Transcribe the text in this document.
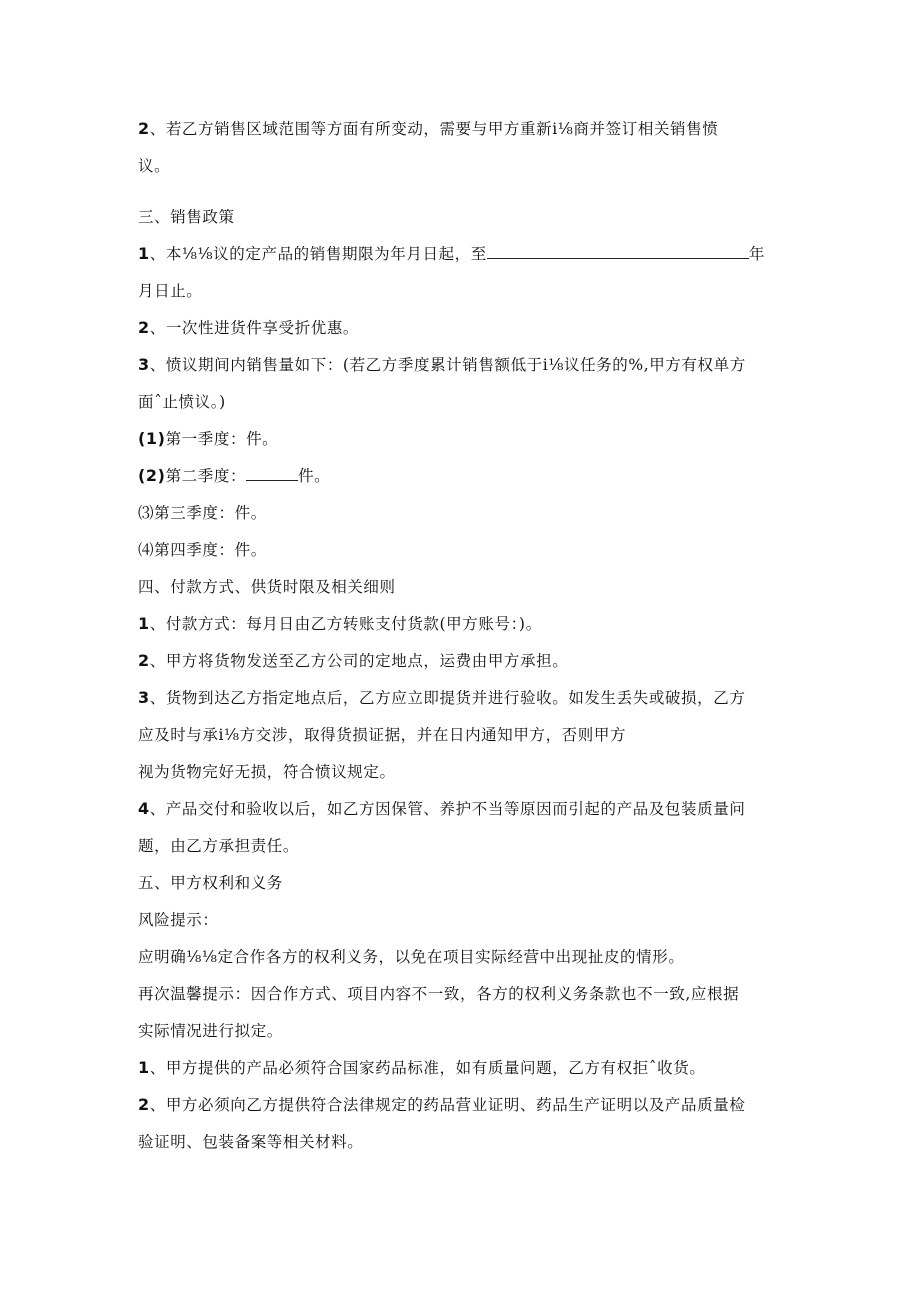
2、若乙方销售区域范围等方面有所变动，需要与甲方重新i⅛商并签订相关销售愤
议。
三、销售政策
1、本⅛⅛议的定产品的销售期限为年月日起，至	年
月日止。
2、一次性进货件享受折优惠。
3、愤议期间内销售量如下：(若乙方季度累计销售额低于i⅛议任务的%,甲方有权单方
面ˆ止愤议。)
(1)第一季度：件。
(2)第二季度：	件。
⑶第三季度：件。
⑷第四季度：件。
四、付款方式、供货时限及相关细则
1、付款方式：每月日由乙方转账支付货款(甲方账号：)。
2、甲方将货物发送至乙方公司的定地点，运费由甲方承担。
3、货物到达乙方指定地点后，乙方应立即提货并进行验收。如发生丢失或破损，乙方
应及时与承i⅛方交涉，取得货损证据，并在日内通知甲方，否则甲方
视为货物完好无损，符合愤议规定。
4、产品交付和验收以后，如乙方因保管、养护不当等原因而引起的产品及包装质量问
题，由乙方承担责任。
五、甲方权利和义务
风险提示：
应明确⅛⅛定合作各方的权利义务，以免在项目实际经营中出现扯皮的情形。
再次温馨提示：因合作方式、项目内容不一致，各方的权利义务条款也不一致,应根据
实际情况进行拟定。
1、甲方提供的产品必须符合国家药品标准，如有质量问题，乙方有权拒ˆ收货。
2、甲方必须向乙方提供符合法律规定的药品营业证明、药品生产证明以及产品质量检
验证明、包装备案等相关材料。
